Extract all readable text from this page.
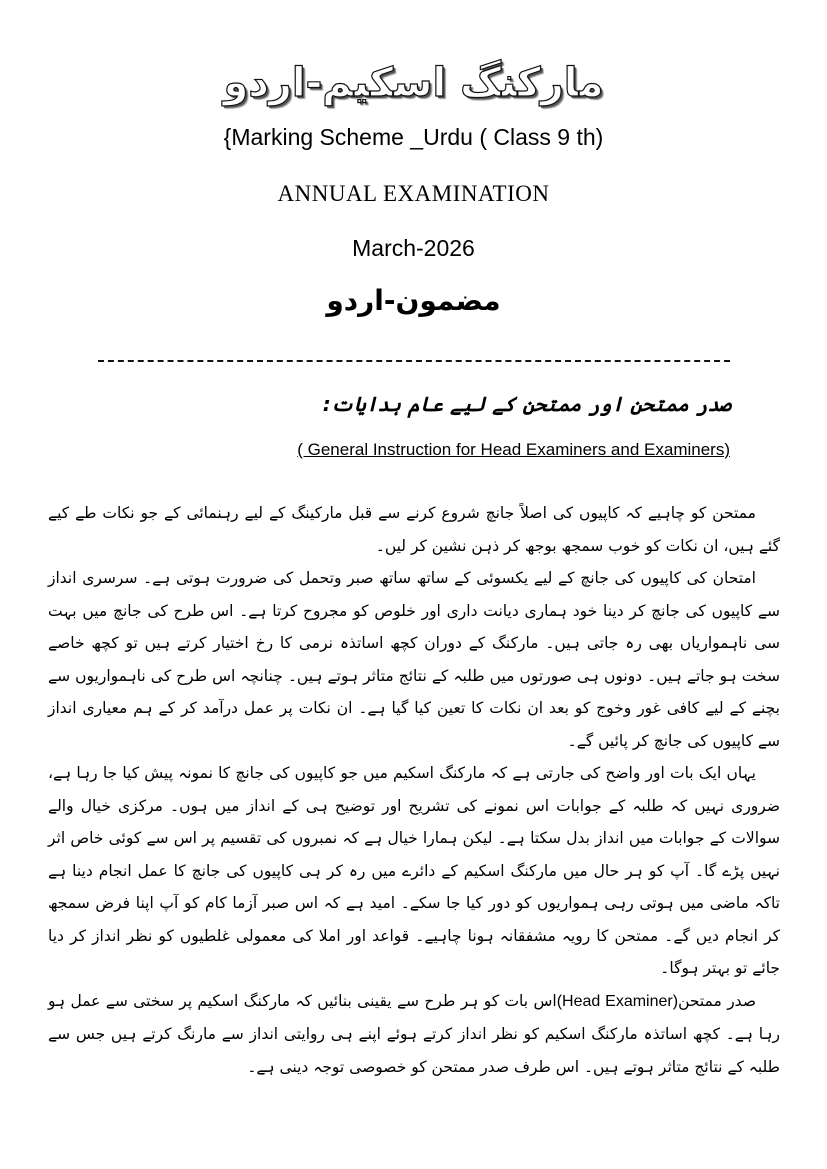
مارکنگ اسکیم-اردو
{Marking Scheme _Urdu ( Class 9 th)
ANNUAL EXAMINATION
March-2026
مضمون-اردو
صدر ممتحن اور ممتحن کے لیے عام ہدایات:
( General Instruction for Head Examiners and Examiners)

ممتحن کو چاہیے کہ کاپیوں کی اصلاً جانچ شروع کرنے سے قبل مارکینگ کے لیے رہنمائی کے جو نکات طے کیے گئے ہیں، ان نکات کو خوب سمجھ بوجھ کر ذہن نشین کر لیں۔

امتحان کی کاپیوں کی جانچ کے لیے یکسوئی کے ساتھ ساتھ صبر وتحمل کی ضرورت ہوتی ہے۔ سرسری انداز سے کاپیوں کی جانچ کر دینا خود ہماری دیانت داری اور خلوص کو مجروح کرتا ہے۔ اس طرح کی جانچ میں بہت سی ناہمواریاں بھی رہ جاتی ہیں۔ مارکنگ کے دوران کچھ اساتذہ نرمی کا رخ اختیار کرتے ہیں تو کچھ خاصے سخت ہو جاتے ہیں۔ دونوں ہی صورتوں میں طلبہ کے نتائج متاثر ہوتے ہیں۔ چنانچہ اس طرح کی ناہمواریوں سے بچنے کے لیے کافی غور وخوج کو بعد ان نکات کا تعین کیا گیا ہے۔ ان نکات پر عمل درآمد کر کے ہم معیاری انداز سے کاپیوں کی جانچ کر پائیں گے۔

یہاں ایک بات اور واضح کی جارتی ہے کہ مارکنگ اسکیم میں جو کاپیوں کی جانچ کا نمونہ پیش کیا جا رہا ہے، ضروری نہیں کہ طلبہ کے جوابات اس نمونے کی تشریح اور توضیح ہی کے انداز میں ہوں۔ مرکزی خیال والے سوالات کے جوابات میں انداز بدل سکتا ہے۔ لیکن ہمارا خیال ہے کہ نمبروں کی تقسیم پر اس سے کوئی خاص اثر نہیں پڑے گا۔ آپ کو ہر حال میں مارکنگ اسکیم کے دائرے میں رہ کر ہی کاپیوں کی جانچ کا عمل انجام دینا ہے تاکہ ماضی میں ہوتی رہی ہمواریوں کو دور کیا جا سکے۔ امید ہے کہ اس صبر آزما کام کو آپ اپنا فرض سمجھ کر انجام دیں گے۔ ممتحن کا رویہ مشفقانہ ہونا چاہیے۔ قواعد اور املا کی معمولی غلطیوں کو نظر انداز کر دیا جائے تو بہتر ہوگا۔

صدر ممتحن(Head Examiner)اس بات کو ہر طرح سے یقینی بنائیں کہ مارکنگ اسکیم پر سختی سے عمل ہو رہا ہے۔ کچھ اساتذہ مارکنگ اسکیم کو نظر انداز کرتے ہوئے اپنے ہی روایتی انداز سے مارنگ کرتے ہیں جس سے طلبہ کے نتائج متاثر ہوتے ہیں۔ اس طرف صدر ممتحن کو خصوصی توجہ دینی ہے۔
